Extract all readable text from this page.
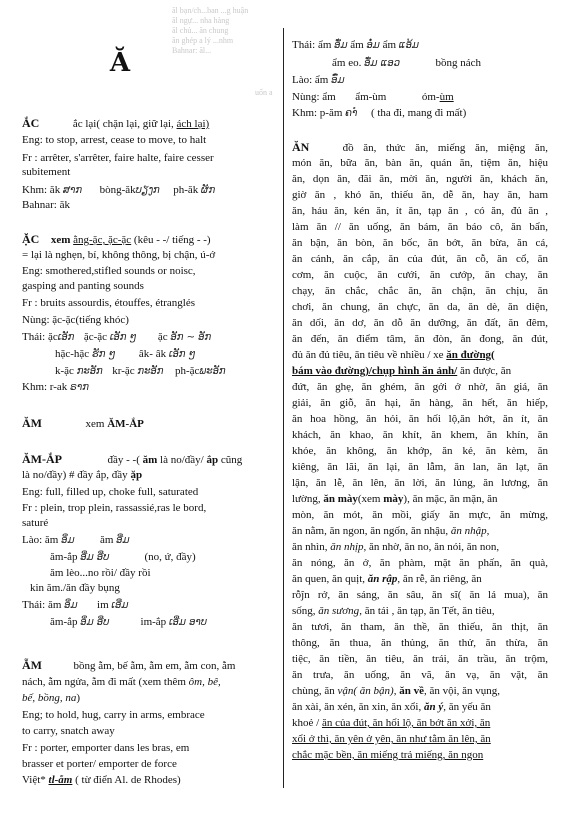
ăl bạn/ch...ban ...g huận
ăl ngự... nha hàng
ăl chủ... ăn chung
ăn ghép a lý ...nhm
Bahnar: ăl...
uốn a
Ă
ẮC	ắc lại( chặn lại, giữ lại, ách lại)
Eng: to stop, arrest, cease to move, to halt
Fr : arrêter, s'arrêter, faire halte, faire cesser
subitement
Khm: ăk ສາກ bòng-ăkບຽງກ ph-ăk ຜັກ
Bahnar: ăk
ẶC xem ằng-ặc, ặc-ặc (kêu - -/ tiếng - -)
= lại là nghẹn, bí, không thông, bị chận, ú-ớ
Eng: smothered,stifled sounds or noisc,
gasping and panting sounds
Fr : bruits assourdis, étouffes, étranglés
Nùng: ặc-ặc(tiếng khóc)
Thái: ặcເອັກ ặc-ặc ເອັກ ໆ ặc ອັກ ~ ອັກ
hặc-hặc ຮັກ ໆ âk- âk ເອັກ ໆ
k-ặc ກະອັກ kr-ặc ກະອັກ ph-ặcພະອັກ
Khm: r-ak ຣາກ
ĂM	xem ĂM-ẮP
ĂM-ẮP	đầy - -( ăm là no/đầy/ ắp cũng
là no/đầy) # đầy ắp, đầy ặp
Eng: full, filled up, choke full, saturated
Fr : plein, trop plein, rassassié,ras le bord,
saturé
Lào: ăm ອິ່ມ ăm ອີ່ມ
ăm-ắp ອີ່ມ ອີ່ບ	(no, ứ, đầy)
ăm lèo...no rồi/ đầy rồi
kin ăm./ăn đầy bụng
Thái: ăm ອິ່ມ im ເອີ່ມ
ăm-ắp ອິ່ມ ອີ່ບ	im-ắp ເອີ່ມ ອາບ
ẴM	bồng ẵm, bế ẵm, ẵm em, ẵm con, ẵm
nách, ẵm ngửa, ẵm đi mất (xem thêm ôm, bê,
bế, bồng, na)
Eng; to hold, hug, carry in arms, embrace
to carry, snatch away
Fr : porter, emporter dans les bras, em
brasser et porter/ emporter de force
Việt* tl-ẵm ( từ điển Al. de Rhodes)
Thái: ẩm ອັ໋ມ ẩm ອໍ໋ມ ẩm ແອ້ມ
ẩm eo. ອັ໋ມ ແອວ	bồng nách
Lào: ẩm ອົ໋ມ
Nùng: ẩm ẩm-ùm	óm-ùm
Khm: p-ăm ຄາໍ ( tha đi, mang đi mất)
ĂN	đồ ăn, thức ăn, miếng ăn, miệng ăn,
món ăn, bữa ăn, bàn ăn, quán ăn, tiệm ăn, hiệu
ăn, dọn ăn, đãi ăn, mời ăn, người ăn, khách ăn,
giờ ăn , khó ăn, thiếu ăn, dễ ăn, hay ăn, ham
ăn, háu ăn, kén ăn, ít ăn, tạp ăn , có ăn, đủ ăn ,
làm ăn // ăn uống, ăn bám, ăn báo cô, ăn bẩn,
ăn bận, ăn bòn, ăn bốc, ăn bớt, ăn bừa, ăn cá,
ăn cánh, ăn cắp, ăn của đút, ăn cỗ, ăn cổ, ăn
cơm, ăn cuộc, ăn cưới, ăn cướp, ăn chay, ăn
chạy, ăn chắc, chắc ăn, ăn chận, ăn chịu, ăn
chơi, ăn chung, ăn chực, ăn da, ăn dè, ăn diện,
ăn dối, ăn dơ, ăn dỗ ăn dưỡng, ăn đất, ăn đêm,
ăn đến, ăn điểm tâm, ăn đòn, ăn đong, ăn đút,
đủ ăn đủ tiêu, ăn tiêu về nhiều / xe ăn đường(
bám vào đường)/chụp hình ăn ảnh/ ăn được, ăn
đứt, ăn ghẹ, ăn ghém, ăn gởi ở nhờ, ăn giá, ăn
giải, ăn giỗ, ăn hại, ăn hàng, ăn hết, ăn hiếp,
ăn hoa hồng, ăn hỏi, ăn hối lộ,ăn hớt, ăn ít, ăn
khách, ăn khao, ăn khít, ăn khem, ăn khín, ăn
khỏe, ăn không, ăn khớp, ăn kẻ, ăn kèm, ăn
kiêng, ăn lãi, ăn lại, ăn lẫm, ăn lan, ăn lạt, ăn
lận, ăn lễ, ăn lên, ăn lời, ăn lủng, ăn lương, ăn
lường, ăn mày(xem mày), ăn mặc, ăn mặn, ăn
mòn, ăn mót, ăn mồi, giấy ăn mực, ăn mừng,
ăn nằm, ăn ngon, ăn ngốn, ăn nhậu, ăn nhập,
ăn nhìn, ăn nhịp, ăn nhờ, ăn no, ăn nói, ăn non,
ăn nóng, ăn ở, ăn phàm, mặt ăn phấn, ăn quà,
ăn quen, ăn quịt, ăn rập, ăn rễ, ăn riêng, ăn
rỗĵn rở, ăn sáng, ăn sâu, ăn sĩ( ăn lá mua), ăn
sống, ăn sương, ăn tái , ăn tạp, ăn Tết, ăn tiêu,
ăn tươi, ăn tham, ăn thề, ăn thiếu, ăn thịt, ăn
thông, ăn thua, ăn thủng, ăn thử, ăn thừa, ăn
tiệc, ăn tiền, ăn tiêu, ăn trái, ăn trầu, ăn trộm,
ăn trưa, ăn uống, ăn vã, ăn vạ, ăn vặt, ăn
chùng, ăn vận( ăn bận), ăn về, ăn vội, ăn vụng,
ăn xài, ăn xén, ăn xin, ăn xổi, ăn ý, ăn yếu ăn
khoẻ / ăn của đút, ăn hối lộ, ăn bớt ăn xởi, ăn
xổi ở thì, ăn yên ở yên, ăn như tằm ăn lên, ăn
chắc mặc bền, ăn miếng trả miếng, ăn ngon
